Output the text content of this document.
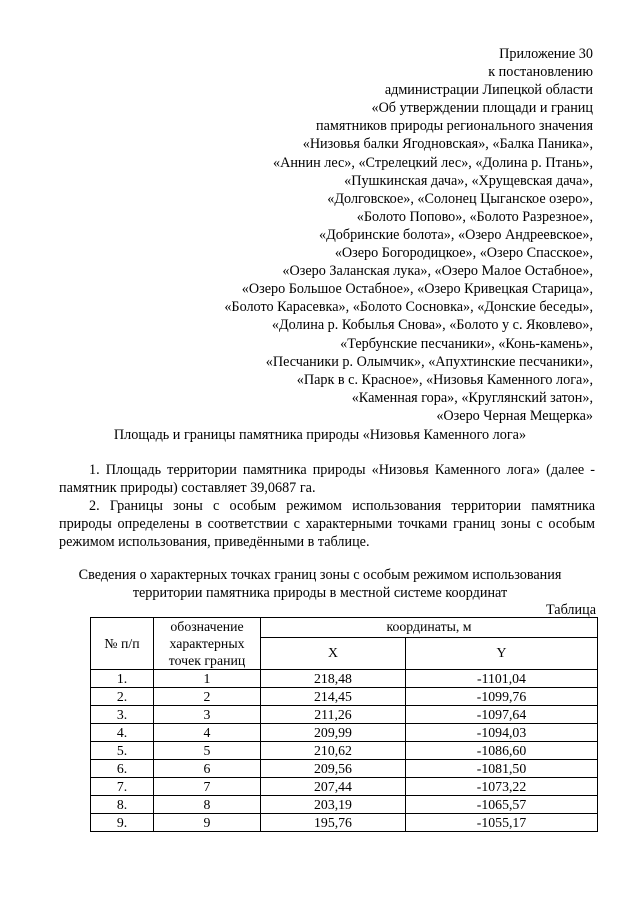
Приложение 30
к постановлению
администрации Липецкой области
«Об утверждении площади и границ
памятников природы регионального значения
«Низовья балки Ягодновская», «Балка Паника»,
«Аннин лес», «Стрелецкий лес», «Долина р. Птань»,
«Пушкинская дача», «Хрущевская дача»,
«Долговское», «Солонец Цыганское озеро»,
«Болото Попово», «Болото Разрезное»,
«Добринские болота», «Озеро Андреевское»,
«Озеро Богородицкое», «Озеро Спасское»,
«Озеро Заланская лука», «Озеро Малое Остабное»,
«Озеро Большое Остабное», «Озеро Кривецкая Старица»,
«Болото Карасевка», «Болото Сосновка», «Донские беседы»,
«Долина р. Кобылья Снова», «Болото у с. Яковлево»,
«Тербунские песчаники», «Конь-камень»,
«Песчаники р. Олымчик», «Апухтинские песчаники»,
«Парк в с. Красное», «Низовья Каменного лога»,
«Каменная гора», «Круглянский затон»,
«Озеро Черная Мещерка»
Площадь и границы памятника природы «Низовья Каменного лога»
1. Площадь территории памятника природы «Низовья Каменного лога» (далее - памятник природы) составляет 39,0687 га.
2. Границы зоны с особым режимом использования территории памятника природы определены в соответствии с характерными точками границ зоны с особым режимом использования, приведёнными в таблице.
Сведения о характерных точках границ зоны с особым режимом использования
территории памятника природы в местной системе координат
Таблица
№ п/п	обозначение характерных точек границ	координаты, м	
		X	Y
1.	1	218,48	-1101,04
2.	2	214,45	-1099,76
3.	3	211,26	-1097,64
4.	4	209,99	-1094,03
5.	5	210,62	-1086,60
6.	6	209,56	-1081,50
7.	7	207,44	-1073,22
8.	8	203,19	-1065,57
9.	9	195,76	-1055,17
